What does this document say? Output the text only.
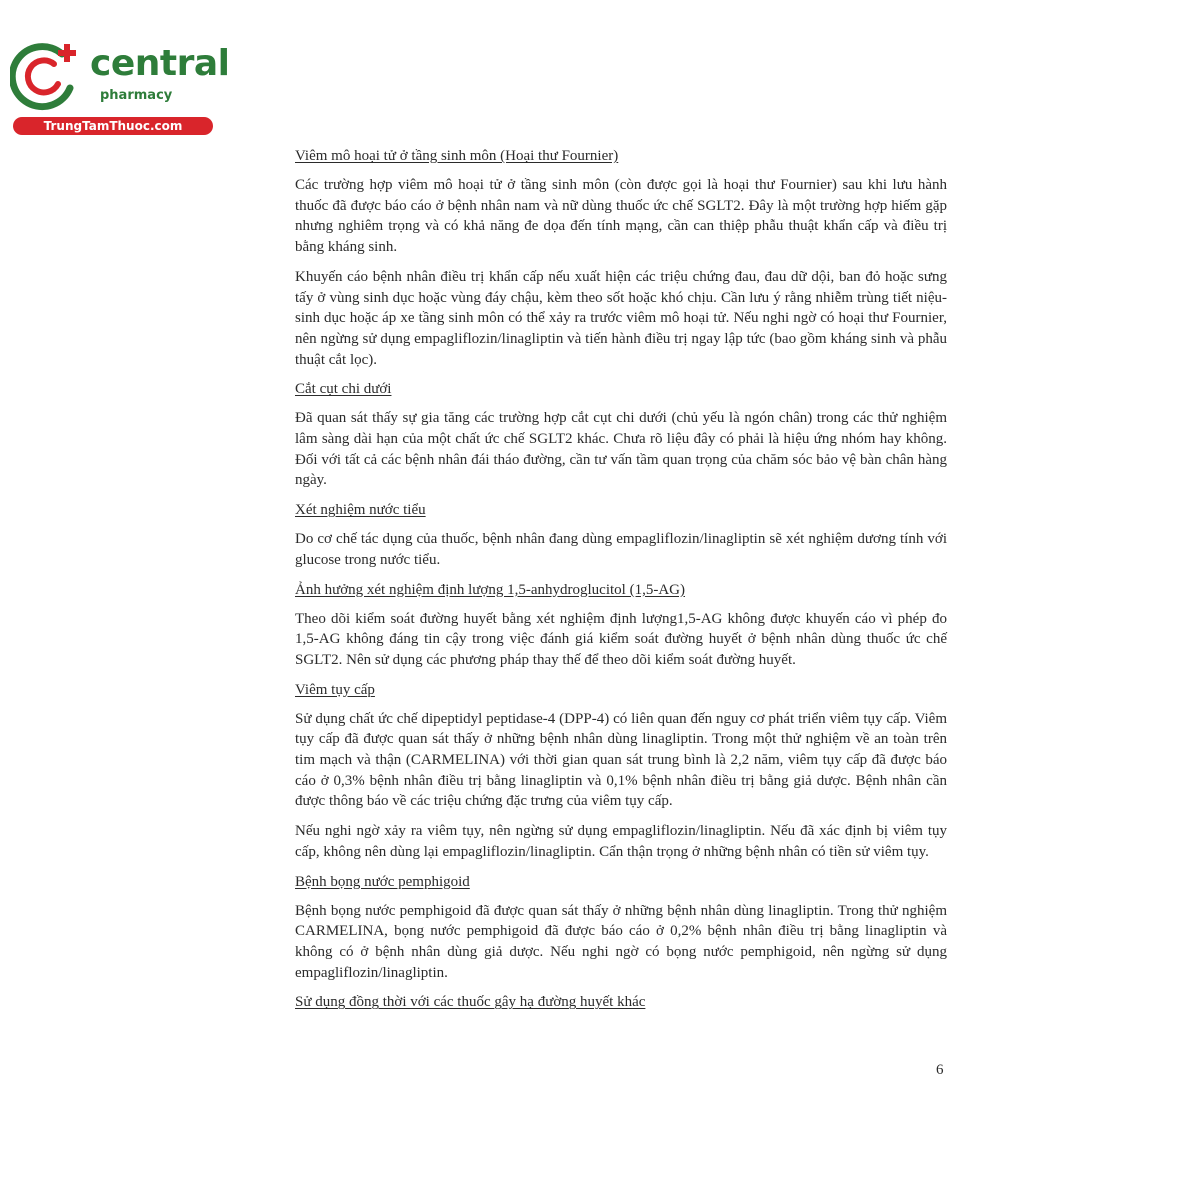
central
pharmacy
TrungTamThuoc.com
Viêm mô hoại tử ở tầng sinh môn (Hoại thư Fournier)
Các trường hợp viêm mô hoại tử ở tầng sinh môn (còn được gọi là hoại thư Fournier) sau khi lưu hành thuốc đã được báo cáo ở bệnh nhân nam và nữ dùng thuốc ức chế SGLT2. Đây là một trường hợp hiếm gặp nhưng nghiêm trọng và có khả năng đe dọa đến tính mạng, cần can thiệp phẫu thuật khẩn cấp và điều trị bằng kháng sinh.
Khuyến cáo bệnh nhân điều trị khẩn cấp nếu xuất hiện các triệu chứng đau, đau dữ dội, ban đỏ hoặc sưng tấy ở vùng sinh dục hoặc vùng đáy chậu, kèm theo sốt hoặc khó chịu. Cần lưu ý rằng nhiễm trùng tiết niệu-sinh dục hoặc áp xe tầng sinh môn có thể xảy ra trước viêm mô hoại tử. Nếu nghi ngờ có hoại thư Fournier, nên ngừng sử dụng empagliflozin/linagliptin và tiến hành điều trị ngay lập tức (bao gồm kháng sinh và phẫu thuật cắt lọc).
Cắt cụt chi dưới
Đã quan sát thấy sự gia tăng các trường hợp cắt cụt chi dưới (chủ yếu là ngón chân) trong các thử nghiệm lâm sàng dài hạn của một chất ức chế SGLT2 khác. Chưa rõ liệu đây có phải là hiệu ứng nhóm hay không. Đối với tất cả các bệnh nhân đái tháo đường, cần tư vấn tầm quan trọng của chăm sóc bảo vệ bàn chân hàng ngày.
Xét nghiệm nước tiểu
Do cơ chế tác dụng của thuốc, bệnh nhân đang dùng empagliflozin/linagliptin sẽ xét nghiệm dương tính với glucose trong nước tiểu.
Ảnh hưởng xét nghiệm định lượng 1,5-anhydroglucitol (1,5-AG)
Theo dõi kiểm soát đường huyết bằng xét nghiệm định lượng1,5-AG không được khuyến cáo vì phép đo 1,5-AG không đáng tin cậy trong việc đánh giá kiểm soát đường huyết ở bệnh nhân dùng thuốc ức chế SGLT2. Nên sử dụng các phương pháp thay thế để theo dõi kiểm soát đường huyết.
Viêm tụy cấp
Sử dụng chất ức chế dipeptidyl peptidase-4 (DPP-4) có liên quan đến nguy cơ phát triển viêm tụy cấp. Viêm tụy cấp đã được quan sát thấy ở những bệnh nhân dùng linagliptin. Trong một thử nghiệm về an toàn trên tim mạch và thận (CARMELINA) với thời gian quan sát trung bình là 2,2 năm, viêm tụy cấp đã được báo cáo ở 0,3% bệnh nhân điều trị bằng linagliptin và 0,1% bệnh nhân điều trị bằng giả dược. Bệnh nhân cần được thông báo về các triệu chứng đặc trưng của viêm tụy cấp.
Nếu nghi ngờ xảy ra viêm tụy, nên ngừng sử dụng empagliflozin/linagliptin. Nếu đã xác định bị viêm tụy cấp, không nên dùng lại empagliflozin/linagliptin. Cẩn thận trọng ở những bệnh nhân có tiền sử viêm tụy.
Bệnh bọng nước pemphigoid
Bệnh bọng nước pemphigoid đã được quan sát thấy ở những bệnh nhân dùng linagliptin. Trong thử nghiệm CARMELINA, bọng nước pemphigoid đã được báo cáo ở 0,2% bệnh nhân điều trị bằng linagliptin và không có ở bệnh nhân dùng giả dược. Nếu nghi ngờ có bọng nước pemphigoid, nên ngừng sử dụng empagliflozin/linagliptin.
Sử dụng đồng thời với các thuốc gây hạ đường huyết khác
6
